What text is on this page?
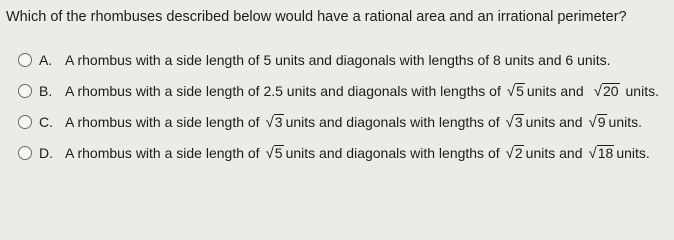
Which of the rhombuses described below would have a rational area and an irrational perimeter?
A. A rhombus with a side length of 5 units and diagonals with lengths of 8 units and 6 units.
B. A rhombus with a side length of 2.5 units and diagonals with lengths of √ 5 units and √ 20 units.
C. A rhombus with a side length of √ 3 units and diagonals with lengths of √ 3 units and √ 9 units.
D. A rhombus with a side length of √ 5 units and diagonals with lengths of √ 2 units and √ 18 units.
